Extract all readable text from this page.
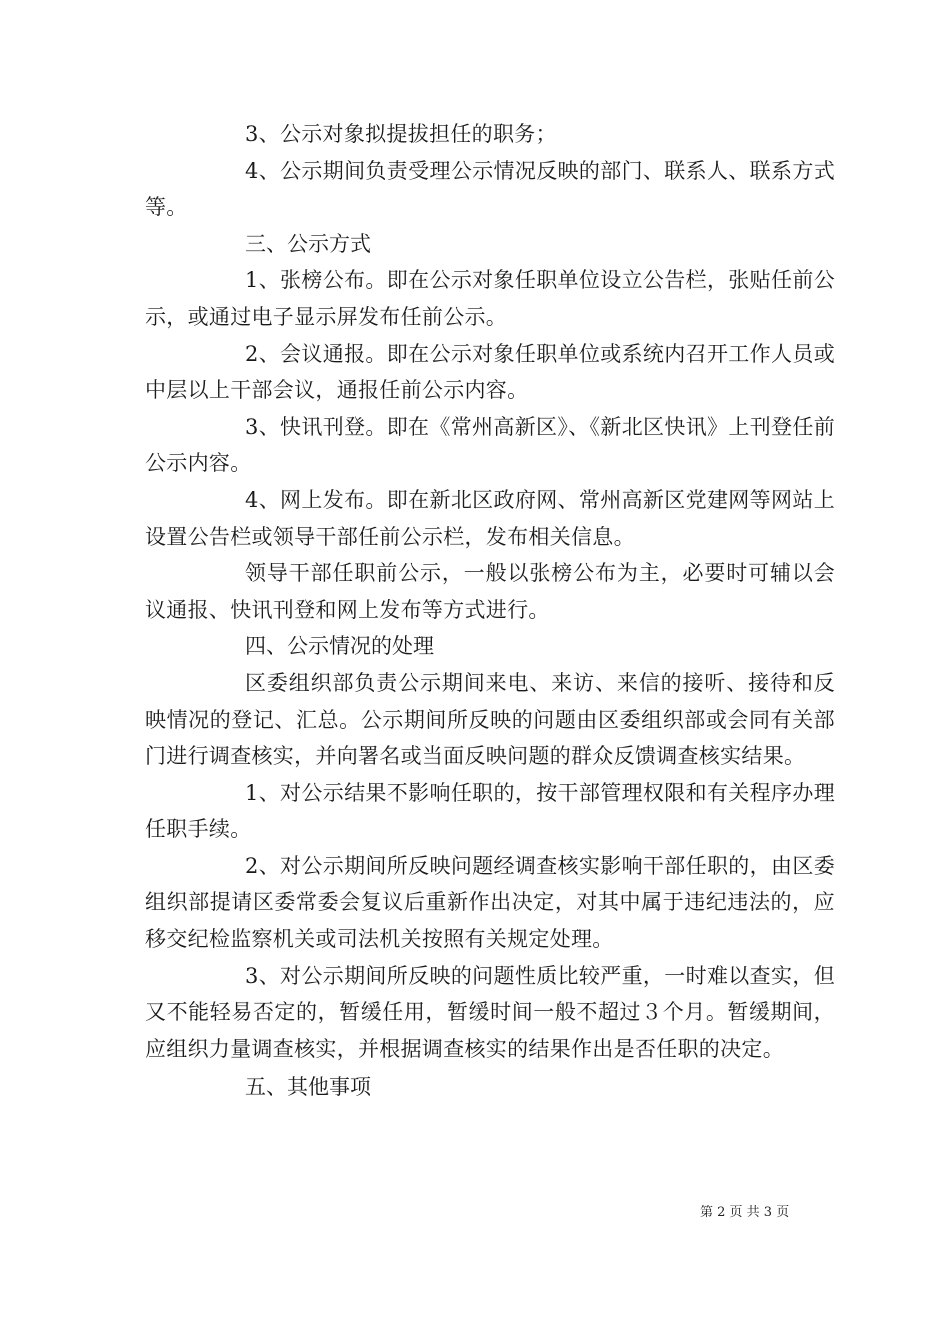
3、公示对象拟提拔担任的职务；

4、公示期间负责受理公示情况反映的部门、联系人、联系方式等。

三、公示方式

1、张榜公布。即在公示对象任职单位设立公告栏，张贴任前公示，或通过电子显示屏发布任前公示。

2、会议通报。即在公示对象任职单位或系统内召开工作人员或中层以上干部会议，通报任前公示内容。

3、快讯刊登。即在《常州高新区》、《新北区快讯》上刊登任前公示内容。

4、网上发布。即在新北区政府网、常州高新区党建网等网站上设置公告栏或领导干部任前公示栏，发布相关信息。

领导干部任职前公示，一般以张榜公布为主，必要时可辅以会议通报、快讯刊登和网上发布等方式进行。

四、公示情况的处理

区委组织部负责公示期间来电、来访、来信的接听、接待和反映情况的登记、汇总。公示期间所反映的问题由区委组织部或会同有关部门进行调查核实，并向署名或当面反映问题的群众反馈调查核实结果。

1、对公示结果不影响任职的，按干部管理权限和有关程序办理任职手续。

2、对公示期间所反映问题经调查核实影响干部任职的，由区委组织部提请区委常委会复议后重新作出决定，对其中属于违纪违法的，应移交纪检监察机关或司法机关按照有关规定处理。

3、对公示期间所反映的问题性质比较严重，一时难以查实，但又不能轻易否定的，暂缓任用，暂缓时间一般不超过３个月。暂缓期间，应组织力量调查核实，并根据调查核实的结果作出是否任职的决定。

五、其他事项

第 2 页 共 3 页
